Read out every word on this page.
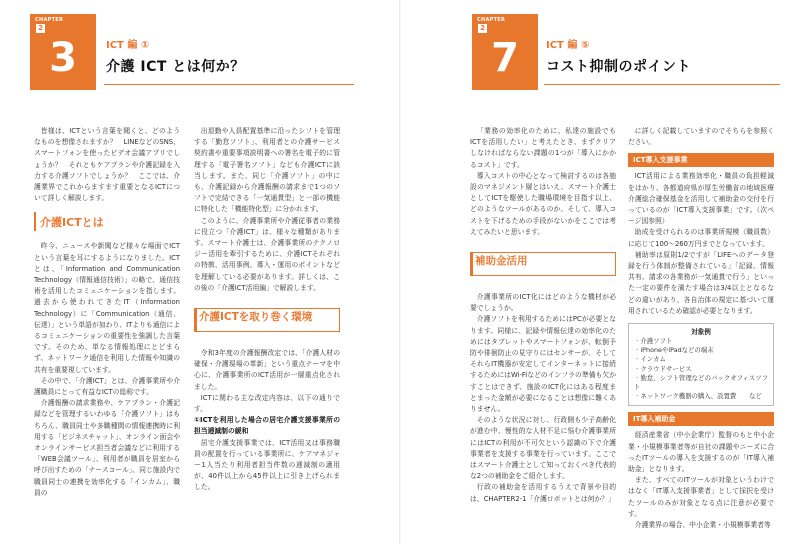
CHAPTER
2
3	ICT 編 ①
介護 ICT とは何か？

皆様は、ICTという言葉を聞くと、どのようなものを想像されますか？　LINEなどのSNS、スマートフォンを使ったビデオ会議アプリでしょうか？　それともケアプランや介護記録を入力する介護ソフトでしょうか？　ここでは、介護業界でこれからますます重要となるICTについて詳しく解説します。

介護ICTとは

昨今、ニュースや新聞など様々な場面でICTという言葉を耳にするようになりました。ICTとは、「Information and Communication Technology（情報通信技術）」の略で、通信技術を活用したコミュニケーションを指します。過去から使われてきたIT（Information Technology）に「Communication（通信、伝達）」という単語が加わり、ITよりも通信によるコミュニケーションの重要性を強調した言葉です。そのため、単なる情報処理にとどまらず、ネットワーク通信を利用した情報や知識の共有を重要視しています。

その中で、「介護ICT」とは、介護事業所や介護職員にとって有益なICTの総称です。

介護報酬の請求業務や、ケアプラン・介護記録などを管理するいわゆる「介護ソフト」はもちろん、職員同士や多職種間の情報連携時に利用する「ビジネスチャット」、オンライン面会やオンラインサービス担当者会議などに利用する「WEB会議ツール」、利用者が職員を居室から呼び出すための「ナースコール」、同じ施設内で職員同士の連携を効率化する「インカム」、職員の

出退勤や人員配置基準に沿ったシフトを管理する「勤怠ソフト」、利用者との介護サービス契約書や重要事項説明書への署名を電子的に管理する「電子署名ソフト」なども介護ICTに該当します。また、同じ「介護ソフト」の中にも、介護記録から介護報酬の請求まで1つのソフトで完結できる「一気通貫型」と一部の機能に特化した「機能特化型」に分かれます。

このように、介護事業所や介護従事者の業務に役立つ「介護ICT」は、様々な種類があります。スマート介護士は、介護事業所のテクノロジー活用を牽引するために、介護ICTそれぞれの特徴、活用事例、導入・運用のポイントなどを理解している必要があります。詳しくは、この後の「介護ICT活用編」で解説します。

介護ICTを取り巻く環境

令和3年度の介護報酬改定では、「介護人材の確保・介護現場の革新」という重点テーマを中心に、介護事業所のICT活用が一層重点化されました。

ICTに関わる主な改定内容は、以下の通りです。

①ICTを利用した場合の居宅介護支援事業所の担当逓減制の緩和

居宅介護支援事業では、ICT活用又は事務職員の配置を行っている事業所に、ケアマネジャー1人当たり利用者担当件数の逓減制の適用が、40件以上から45件以上に引き上げられました。

CHAPTER
2
7	ICT 編 ⑤
コスト抑制のポイント

「業務の効率化のために、私達の施設でもICTを活用したい」と考えたとき、まずクリアしなければならない課題の1つが「導入にかかるコスト」です。

導入コストの中心となって検討するのは各施設のマネジメント層とはいえ、スマート介護士としてICTを駆使した職場環境を目指す以上、どのようなツールがあるのか、そして、導入コストを下げるための手段がないかをここでは考えてみたいと思います。

補助金活用

介護事業所のICT化にはどのような機材が必要でしょうか。

介護ソフトを利用するためにはPCが必要となります。同様に、記録や情報伝達の効率化のためにはタブレットやスマートフォンが、転倒予防や徘徊防止の見守りにはセンサーが、そしてそれらIT機器が安定してインターネットに接続するためにはWi-Fiなどのインフラの準備も欠かすことはできず、施設のICT化にはある程度まとまった金額が必要になることは想像に難くありません。

そのような状況に対し、行政側も少子高齢化が進む中、慢性的な人材不足に悩む介護事業所にはICTの利用が不可欠という認識の下で介護事業者を支援する事業を行っています。ここではスマート介護士として知っておくべき代表的な2つの補助金をご紹介します。

行政の補助金を活用するうえで背景や目的は、CHAPTER2-1「介護ロボットとは何か？」

に詳しく記載していますのでそちらを参照ください。

ICT導入支援事業

ICT活用による業務効率化・職員の負担軽減をはかり、各都道府県が厚生労働省の地域医療介護総合確保基金を活用して補助金の交付を行っているのが「ICT導入支援事業」です。（次ページ図参照）

助成を受けられるのは事業所規模（職員数）に応じて100～260万円までとなっています。

補助率は原則1/2ですが「LIFEへのデータ登録を行う体制が整備されている」「記録、情報共有、請求の各業務が一気通貫で行う」といった一定の要件を満たす場合は3/4以上となるなどの違いがあり、各自治体の規定に基づいて運用されているため確認が必要となります。

対象例
・ 介護ソフト
・ iPhoneやiPadなどの端末
・ インカム
・ クラウドサービス
・ 勤怠、シフト管理などのバックオフィスソフト
・ ネットワーク機器の購入、設置費　　など
IT導入補助金

経済産業省（中小企業庁）監督のもと中小企業・小規模事業者等が自社の課題やニーズに合ったITツールの導入を支援するのが「IT導入補助金」となります。

また、すべてのITツールが対象というわけではなく「IT導入支援事業者」として採択を受けたツールのみが対象となる点に注意が必要です。

介護業界の場合、中小企業・小規模事業者等
